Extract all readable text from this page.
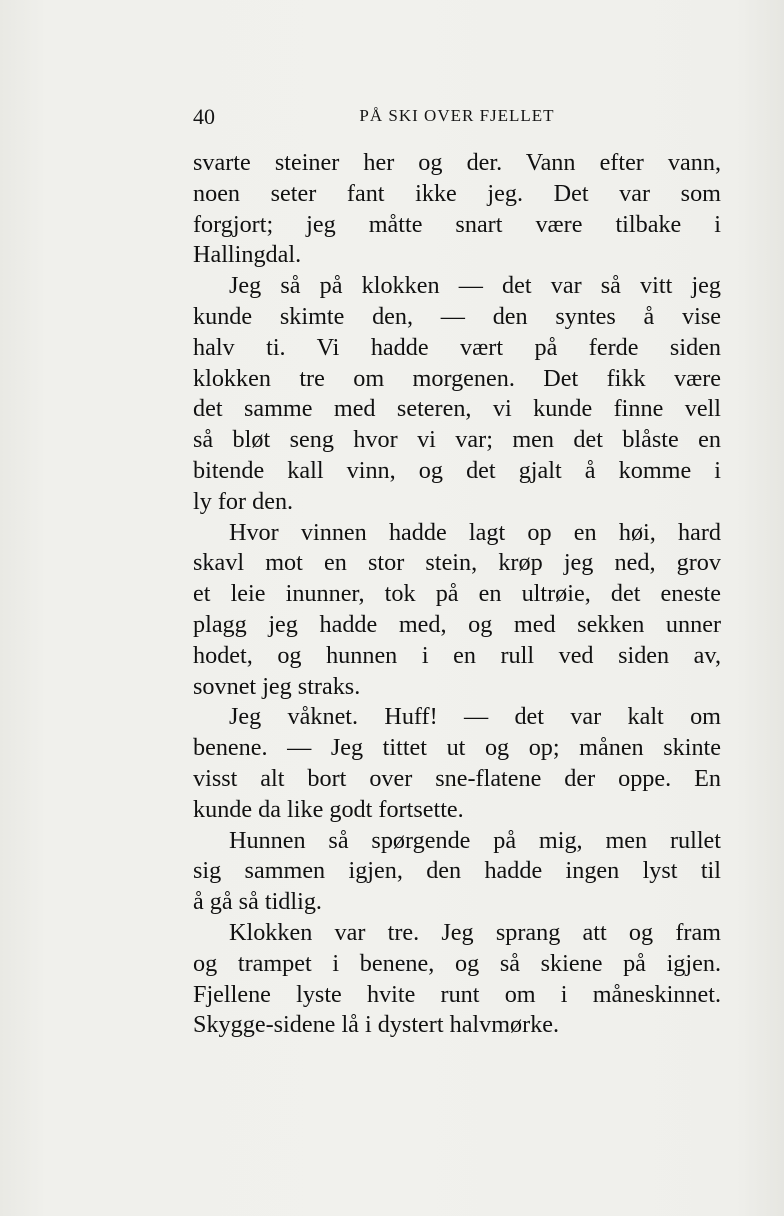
40	PÅ SKI OVER FJELLET
svarte steiner her og der. Vann efter vann,
noen seter fant ikke jeg. Det var som
forgjort; jeg måtte snart være tilbake i
Hallingdal.
Jeg så på klokken — det var så vitt jeg
kunde skimte den, — den syntes å vise
halv ti. Vi hadde vært på ferde siden
klokken tre om morgenen. Det fikk være
det samme med seteren, vi kunde finne vell
så bløt seng hvor vi var; men det blåste en
bitende kall vinn, og det gjalt å komme i
ly for den.
Hvor vinnen hadde lagt op en høi, hard
skavl mot en stor stein, krøp jeg ned, grov
et leie inunner, tok på en ultrøie, det eneste
plagg jeg hadde med, og med sekken unner
hodet, og hunnen i en rull ved siden av,
sovnet jeg straks.
Jeg våknet. Huff! — det var kalt om
benene. — Jeg tittet ut og op; månen skinte
visst alt bort over sne-flatene der oppe. En
kunde da like godt fortsette.
Hunnen så spørgende på mig, men rullet
sig sammen igjen, den hadde ingen lyst til
å gå så tidlig.
Klokken var tre. Jeg sprang att og fram
og trampet i benene, og så skiene på igjen.
Fjellene lyste hvite runt om i måneskinnet.
Skygge-sidene lå i dystert halvmørke.
